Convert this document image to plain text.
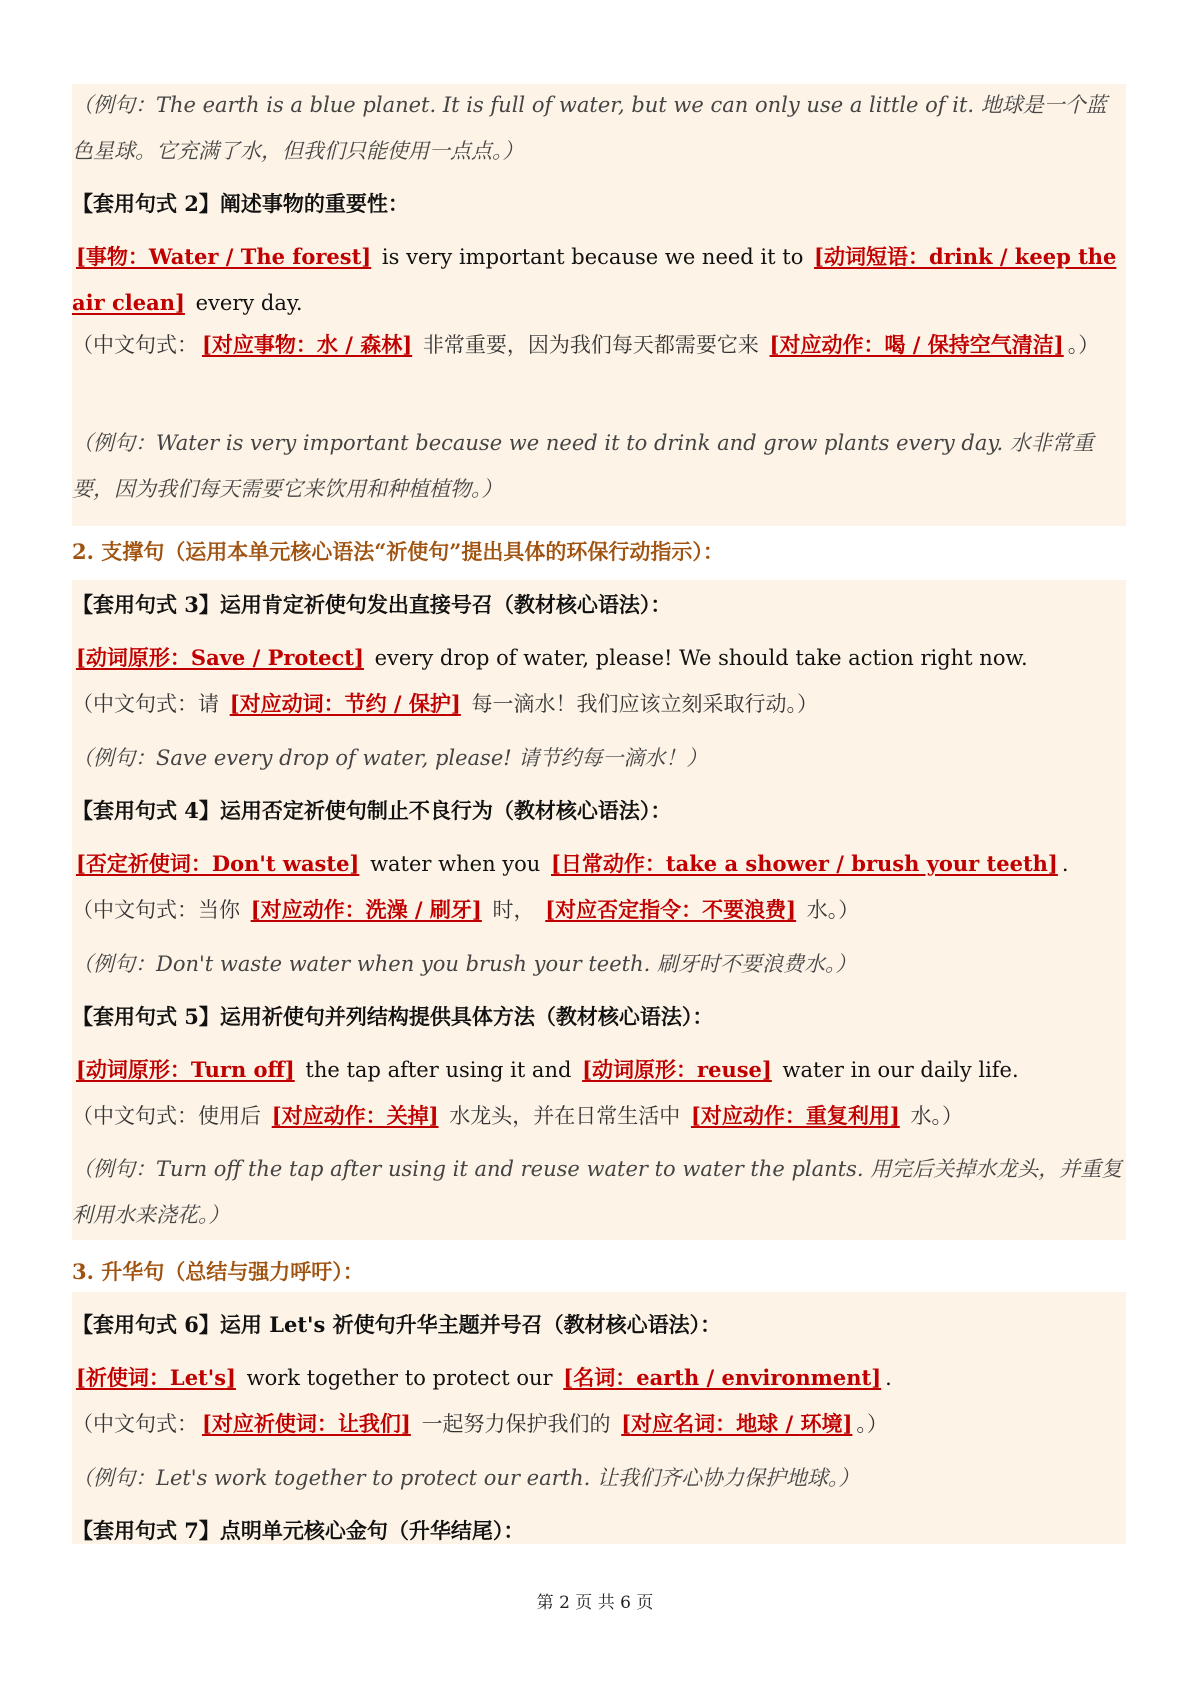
（例句：The earth is a blue planet. It is full of water, but we can only use a little of it. 地球是一个蓝色星球。它充满了水，但我们只能使用一点点。）
【套用句式 2】阐述事物的重要性：
[事物：Water / The forest] is very important because we need it to [动词短语：drink / keep the air clean] every day.
（中文句式： [对应事物：水 / 森林] 非常重要，因为我们每天都需要它来 [对应动作：喝 / 保持空气清洁] 。）
（例句：Water is very important because we need it to drink and grow plants every day. 水非常重要，因为我们每天需要它来饮用和种植植物。）
2. 支撑句（运用本单元核心语法“祈使句”提出具体的环保行动指示）：
【套用句式 3】运用肯定祈使句发出直接号召（教材核心语法）：
[动词原形：Save / Protect] every drop of water, please! We should take action right now.
（中文句式：请 [对应动词：节约 / 保护] 每一滴水！我们应该立刻采取行动。）
（例句：Save every drop of water, please! 请节约每一滴水！）
【套用句式 4】运用否定祈使句制止不良行为（教材核心语法）：
[否定祈使词：Don't waste] water when you [日常动作：take a shower / brush your teeth] .
（中文句式：当你 [对应动作：洗澡 / 刷牙] 时， [对应否定指令：不要浪费] 水。）
（例句：Don't waste water when you brush your teeth. 刷牙时不要浪费水。）
【套用句式 5】运用祈使句并列结构提供具体方法（教材核心语法）：
[动词原形：Turn off] the tap after using it and [动词原形：reuse] water in our daily life.
（中文句式：使用后 [对应动作：关掉] 水龙头，并在日常生活中 [对应动作：重复利用] 水。）
（例句：Turn off the tap after using it and reuse water to water the plants. 用完后关掉水龙头，并重复利用水来浇花。）
3. 升华句（总结与强力呼吁）：
【套用句式 6】运用 Let's 祈使句升华主题并号召（教材核心语法）：
[祈使词：Let's] work together to protect our [名词：earth / environment] .
（中文句式： [对应祈使词：让我们] 一起努力保护我们的 [对应名词：地球 / 环境] 。）
（例句：Let's work together to protect our earth. 让我们齐心协力保护地球。）
【套用句式 7】点明单元核心金句（升华结尾）：
第 2 页 共 6 页
